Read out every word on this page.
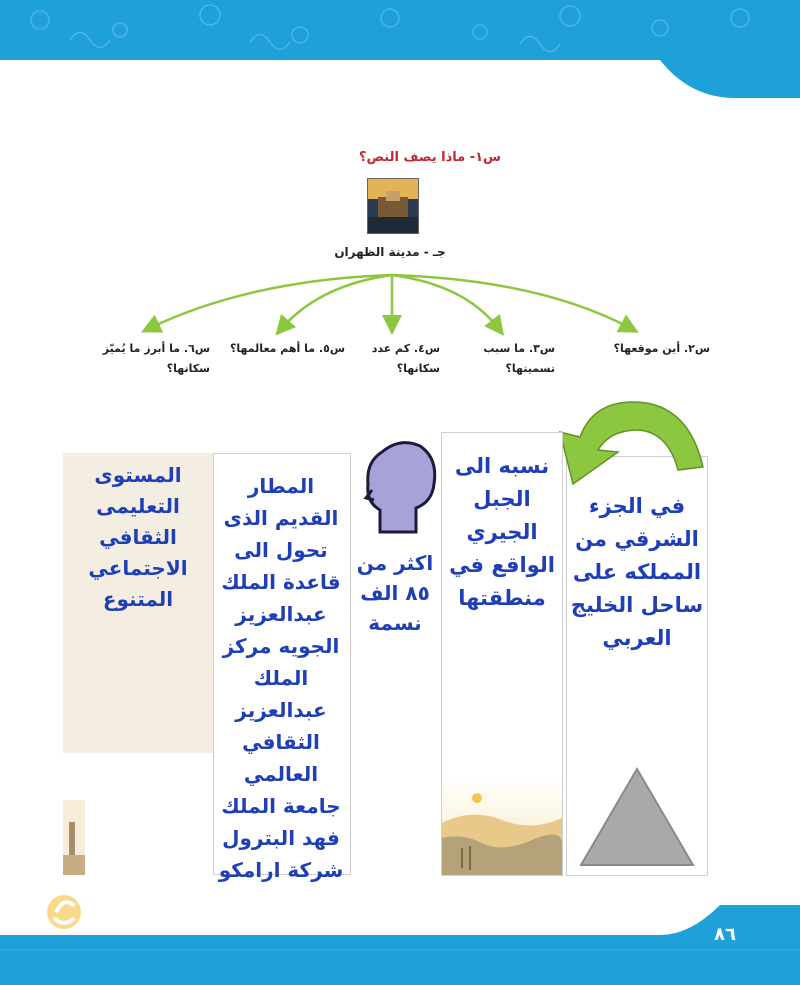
س١- ماذا يصف النص؟
جـ - مدينة الظهران
س٢. أين موقعها؟
س٣. ما سبب
تسميتها؟
س٤. كم عدد
سكانها؟
س٥. ما أهم معالمها؟
س٦. ما أبرز ما يُميّز
سكانها؟
في الجزء الشرقي من المملكه على ساحل الخليج العربي
نسبه الى الجبل الجيري الواقع في منطقتها
اكثر من ٨٥ الف نسمة
المطار القديم الذى تحول الى قاعدة الملك عبدالعزيز الجويه مركز الملك عبدالعزيز الثقافي العالمي جامعة الملك فهد البترول شركة ارامكو
المستوى التعليمى الثقافي الاجتماعي المتنوع
٨٦
